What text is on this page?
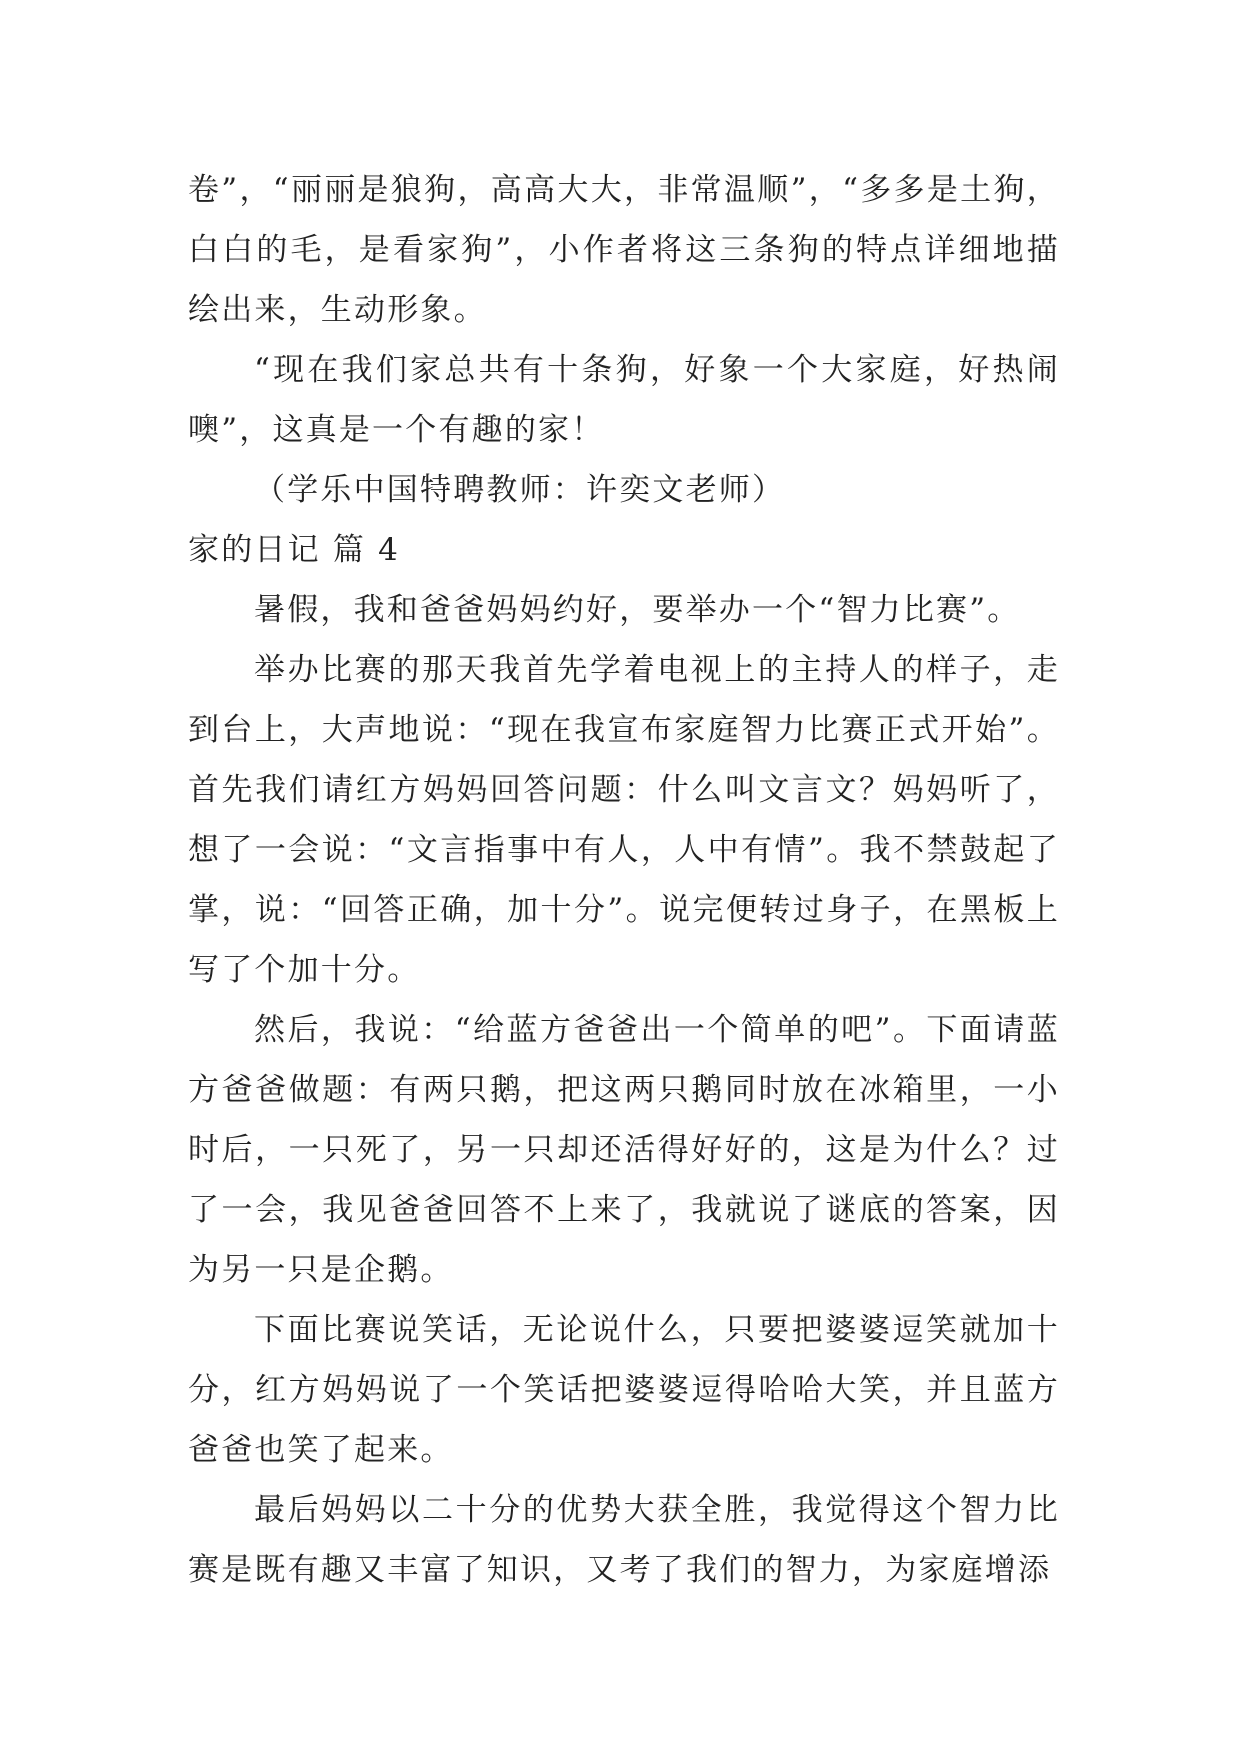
卷”，“丽丽是狼狗，高高大大，非常温顺”，“多多是土狗，白白的毛，是看家狗”，小作者将这三条狗的特点详细地描绘出来，生动形象。

“现在我们家总共有十条狗，好象一个大家庭，好热闹噢”，这真是一个有趣的家！

（学乐中国特聘教师：许奕文老师）

家的日记 篇 4

暑假，我和爸爸妈妈约好，要举办一个“智力比赛”。

举办比赛的那天我首先学着电视上的主持人的样子，走到台上，大声地说：“现在我宣布家庭智力比赛正式开始”。首先我们请红方妈妈回答问题：什么叫文言文？妈妈听了，想了一会说：“文言指事中有人，人中有情”。我不禁鼓起了掌，说：“回答正确，加十分”。说完便转过身子，在黑板上写了个加十分。

然后，我说：“给蓝方爸爸出一个简单的吧”。下面请蓝方爸爸做题：有两只鹅，把这两只鹅同时放在冰箱里，一小时后，一只死了，另一只却还活得好好的，这是为什么？过了一会，我见爸爸回答不上来了，我就说了谜底的答案，因为另一只是企鹅。

下面比赛说笑话，无论说什么，只要把婆婆逗笑就加十分，红方妈妈说了一个笑话把婆婆逗得哈哈大笑，并且蓝方爸爸也笑了起来。

最后妈妈以二十分的优势大获全胜，我觉得这个智力比赛是既有趣又丰富了知识，又考了我们的智力，为家庭增添
